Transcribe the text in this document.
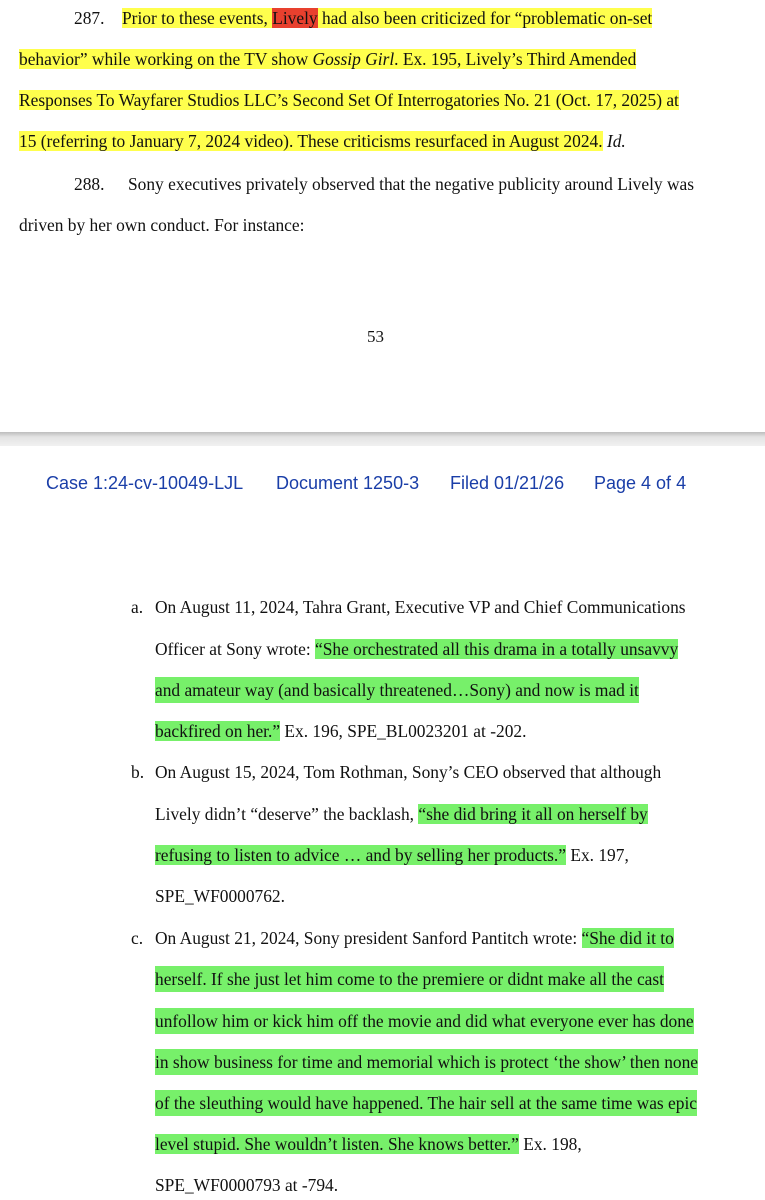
287. Prior to these events, Lively had also been criticized for “problematic on-set
behavior” while working on the TV show Gossip Girl. Ex. 195, Lively’s Third Amended
Responses To Wayfarer Studios LLC’s Second Set Of Interrogatories No. 21 (Oct. 17, 2025) at
15 (referring to January 7, 2024 video). These criticisms resurfaced in August 2024. Id.
288. Sony executives privately observed that the negative publicity around Lively was
driven by her own conduct. For instance:
53
Case 1:24-cv-10049-LJL Document 1250-3 Filed 01/21/26 Page 4 of 4
a. On August 11, 2024, Tahra Grant, Executive VP and Chief Communications
Officer at Sony wrote: “She orchestrated all this drama in a totally unsavvy
and amateur way (and basically threatened…Sony) and now is mad it
backfired on her.” Ex. 196, SPE_BL0023201 at -202.
b. On August 15, 2024, Tom Rothman, Sony’s CEO observed that although
Lively didn’t “deserve” the backlash, “she did bring it all on herself by
refusing to listen to advice … and by selling her products.” Ex. 197,
SPE_WF0000762.
c. On August 21, 2024, Sony president Sanford Pantitch wrote: “She did it to
herself. If she just let him come to the premiere or didnt make all the cast
unfollow him or kick him off the movie and did what everyone ever has done
in show business for time and memorial which is protect ‘the show’ then none
of the sleuthing would have happened. The hair sell at the same time was epic
level stupid. She wouldn’t listen. She knows better.” Ex. 198,
SPE_WF0000793 at -794.
